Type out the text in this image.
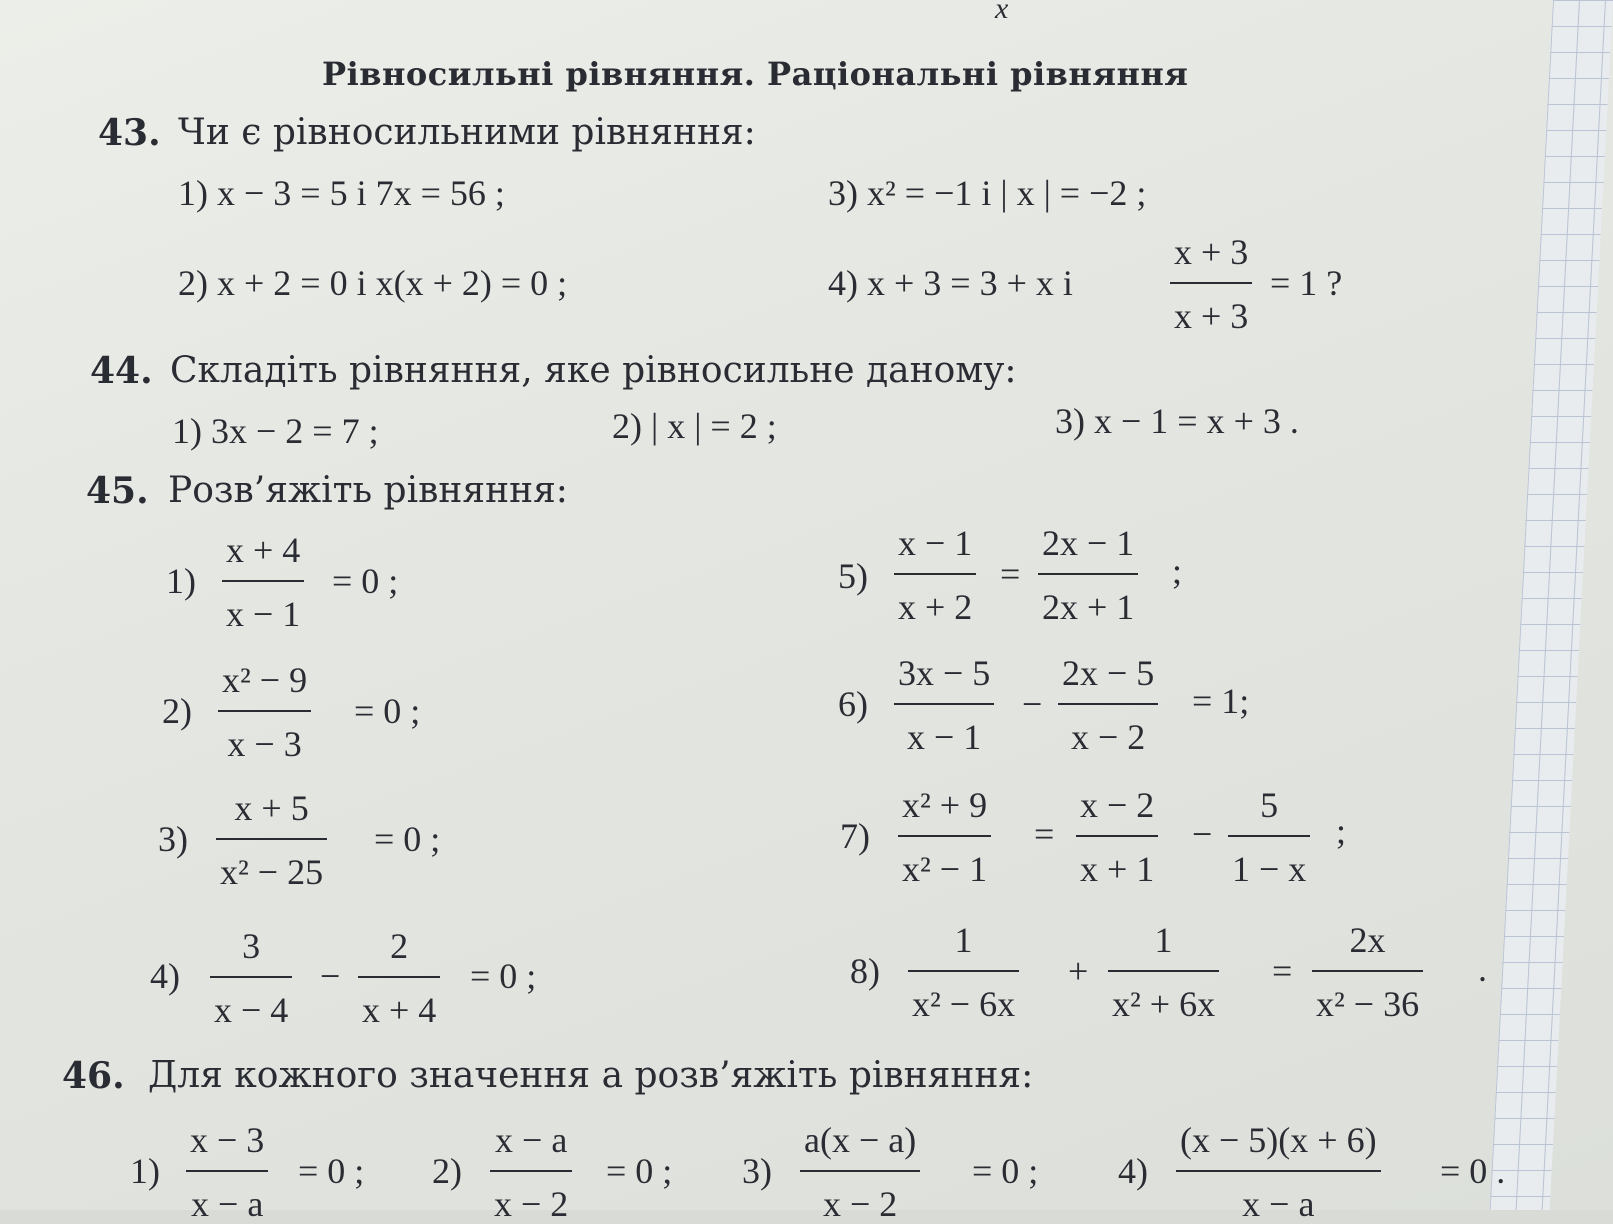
x
Рівносильні рівняння. Раціональні рівняння
43. Чи є рівносильними рівняння:
1) x − 3 = 5 і 7x = 56 ;
2) x + 2 = 0 і x(x + 2) = 0 ;
3) x² = −1 і | x | = −2 ;
4) x + 3 = 3 + x і
x + 3
x + 3
= 1 ?
44. Складіть рівняння, яке рівносильне даному:
1) 3x − 2 = 7 ;	2) | x | = 2 ;	3) x − 1 = x + 3 .
45. Розв’яжіть рівняння:
1)
x + 4
x − 1
= 0 ;
2)
x² − 9
x − 3
= 0 ;
3)
x + 5
x² − 25
= 0 ;
4)
3
x − 4
−
2
x + 4
= 0 ;
5)
x − 1
x + 2
=
2x − 1
2x + 1
;
6)
3x − 5
x − 1
−
2x − 5
x − 2
= 1;
7)
x² + 9
x² − 1
=
x − 2
x + 1
−
5
1 − x
;
8)
1
x² − 6x
+
1
x² + 6x
=
2x
x² − 36
.
46. Для кожного значення a розв’яжіть рівняння:
1)
x − 3
x − a
= 0 ; 2)
x − a
x − 2
= 0 ; 3)
a(x − a)
x − 2
= 0 ; 4)
(x − 5)(x + 6)
x − a
= 0 .
